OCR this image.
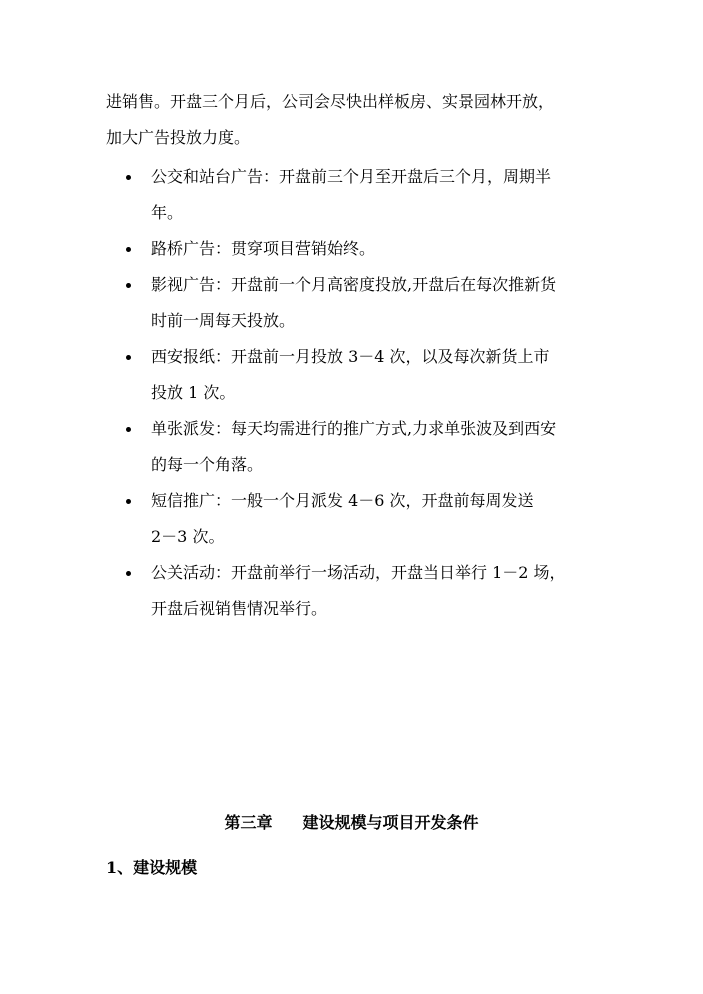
进销售。开盘三个月后，公司会尽快出样板房、实景园林开放，
加大广告投放力度。

公交和站台广告：开盘前三个月至开盘后三个月，周期半
年。
路桥广告：贯穿项目营销始终。
影视广告：开盘前一个月高密度投放,开盘后在每次推新货
时前一周每天投放。
西安报纸：开盘前一月投放 3－4 次，以及每次新货上市
投放 1 次。
单张派发：每天均需进行的推广方式,力求单张波及到西安
的每一个角落。
短信推广：一般一个月派发 4－6 次，开盘前每周发送
2－3 次。
公关活动：开盘前举行一场活动，开盘当日举行 1－2 场，
开盘后视销售情况举行。
第三章 建设规模与项目开发条件
1、建设规模
